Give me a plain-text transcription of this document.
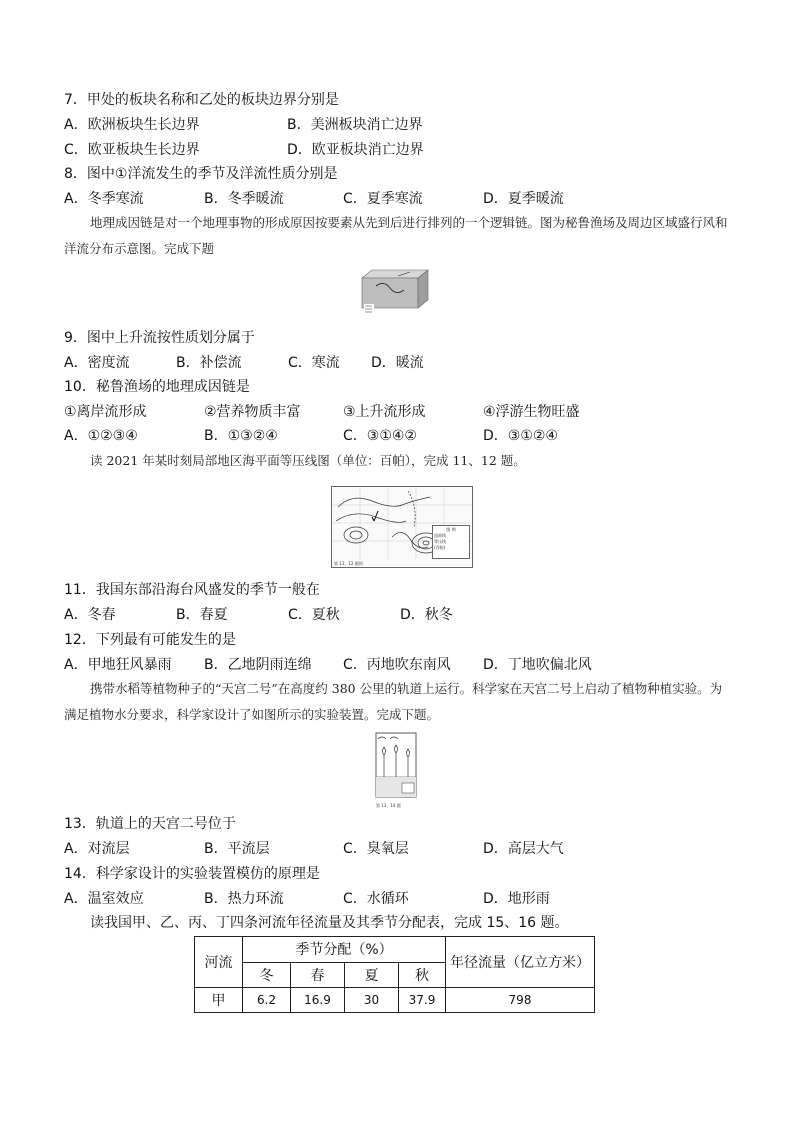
7．甲处的板块名称和乙处的板块边界分别是
A．欧洲板块生长边界	B．美洲板块消亡边界
C．欧亚板块生长边界	D．欧亚板块消亡边界
8．图中①洋流发生的季节及洋流性质分别是
A．冬季寒流	B．冬季暖流	C．夏季寒流	D．夏季暖流
地理成因链是对一个地理事物的形成原因按要素从先到后进行排列的一个逻辑链。图为秘鲁渔场及周边区域盛行风和洋流分布示意图。完成下题
9．图中上升流按性质划分属于
A．密度流	B．补偿流	C．寒流 D．暖流
10．秘鲁渔场的地理成因链是
①离岸流形成	②营养物质丰富	③上升流形成	④浮游生物旺盛
A．①②③④	B．①③②④	C．③①④②	D．③①②④
读 2021 年某时刻局部地区海平面等压线图（单位：百帕），完成 11、12 题。
图 例
国界线
等压线
(百帕)
第 11、12 题图
11．我国东部沿海台风盛发的季节一般在
A．冬春	B．春夏	C．夏秋	D．秋冬
12．下列最有可能发生的是
A．甲地狂风暴雨 B．乙地阴雨连绵 C．丙地吹东南风 D．丁地吹偏北风
携带水稻等植物种子的“天宫二号”在高度约 380 公里的轨道上运行。科学家在天宫二号上启动了植物种植实验。为满足植物水分要求，科学家设计了如图所示的实验装置。完成下题。
第 13、14 题
13．轨道上的天宫二号位于
A．对流层	B．平流层	C．臭氧层	D．高层大气
14．科学家设计的实验装置模仿的原理是
A．温室效应	B．热力环流	C．水循环	D．地形雨
读我国甲、乙、丙、丁四条河流年径流量及其季节分配表，完成 15、16 题。
河流	季节分配（%）				年径流量（亿立方米）
	冬	春	夏	秋	
甲	6.2	16.9	30	37.9	798
